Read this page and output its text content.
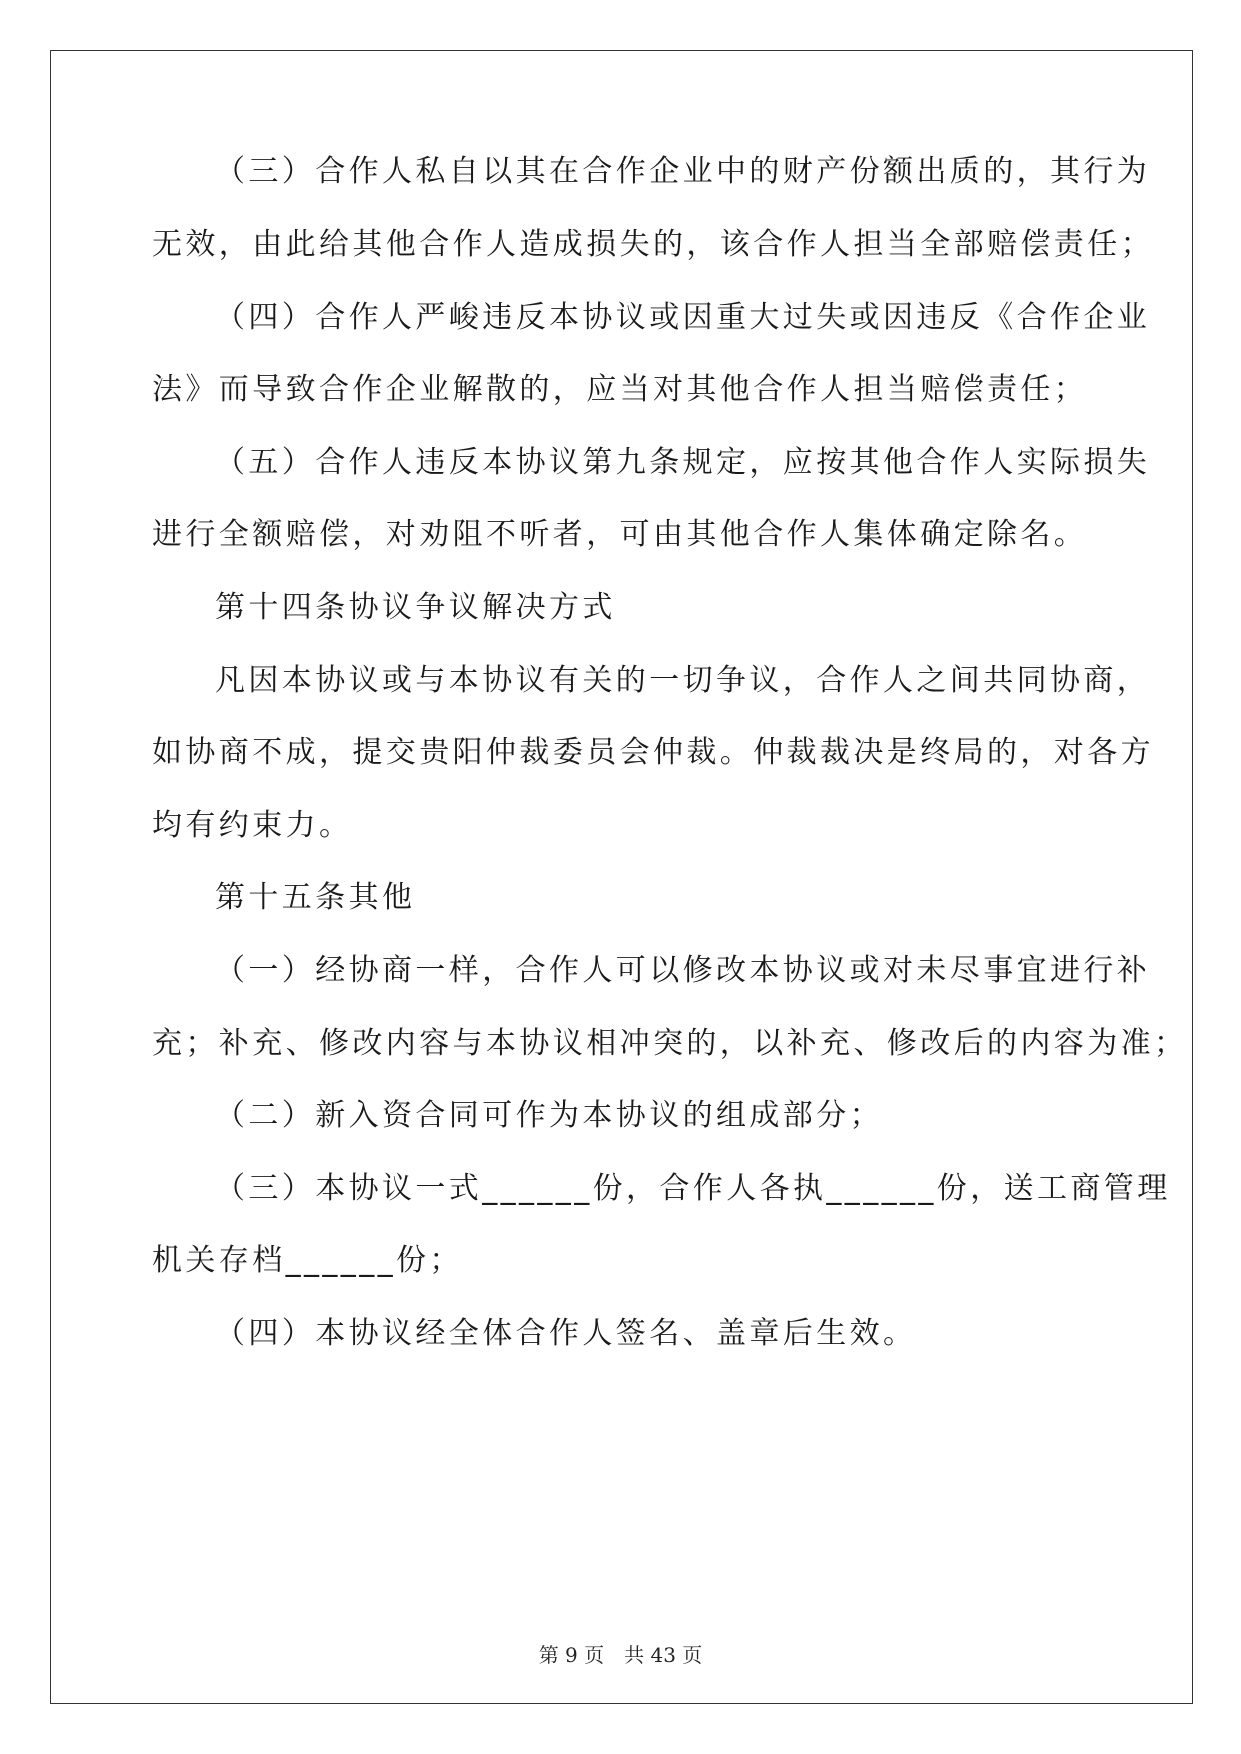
（三）合作人私自以其在合作企业中的财产份额出质的，其行为
无效，由此给其他合作人造成损失的，该合作人担当全部赔偿责任；
（四）合作人严峻违反本协议或因重大过失或因违反《合作企业
法》而导致合作企业解散的，应当对其他合作人担当赔偿责任；
（五）合作人违反本协议第九条规定，应按其他合作人实际损失
进行全额赔偿，对劝阻不听者，可由其他合作人集体确定除名。
第十四条协议争议解决方式
凡因本协议或与本协议有关的一切争议，合作人之间共同协商，
如协商不成，提交贵阳仲裁委员会仲裁。仲裁裁决是终局的，对各方
均有约束力。
第十五条其他
（一）经协商一样，合作人可以修改本协议或对未尽事宜进行补
充；补充、修改内容与本协议相冲突的，以补充、修改后的内容为准；
（二）新入资合同可作为本协议的组成部分；
（三）本协议一式______份，合作人各执______份，送工商管理
机关存档______份；
（四）本协议经全体合作人签名、盖章后生效。
第 9 页　共 43 页
